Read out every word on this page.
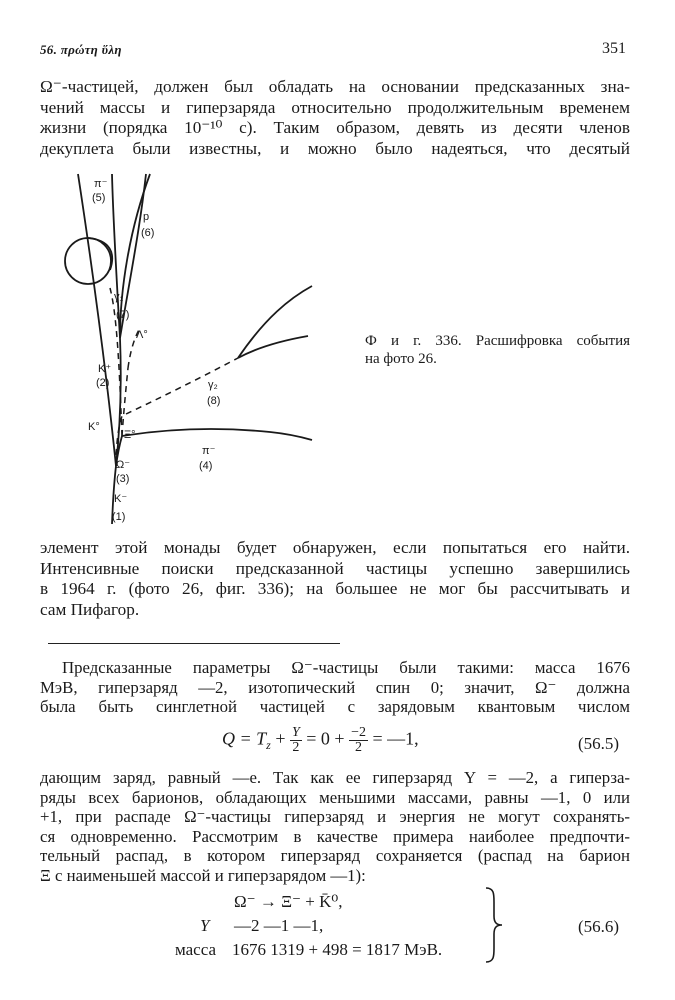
56. πρώτη ὕλη	351
Ω⁻-частицей, должен был обладать на основании предсказанных зна-
чений массы и гиперзаряда относительно продолжительным временем
жизни (порядка 10⁻¹⁰ с). Таким образом, девять из десяти членов
декуплета были известны, и можно было надеяться, что десятый
π⁻
(5)
p
(6)
γ₁
(7)
Λ°
K⁺
(2)	γ₂
(8)
K°
Ξ°
π⁻
(4)
Ω⁻
(3)
K⁻
(1)
Ф и г. 336. Расшифровка события
на фото 26.
элемент этой монады будет обнаружен, если попытаться его найти.
Интенсивные поиски предсказанной частицы успешно завершились
в 1964 г. (фото 26, фиг. 336); на большее не мог бы рассчитывать и
сам Пифагор.
Предсказанные параметры Ω⁻-частицы были такими: масса 1676
МэВ, гиперзаряд —2, изотопический спин 0; значит, Ω⁻ должна
была быть синглетной частицей с зарядовым квантовым числом
$Q = T_z + \frac{Y}{2} = 0 + \frac{-2}{2}$ = —1,	(56.5)
дающим заряд, равный —e. Так как ее гиперзаряд Y = —2, а гиперза-
ряды всех барионов, обладающих меньшими массами, равны —1, 0 или
+1, при распаде Ω⁻-частицы гиперзаряд и энергия не могут сохранять-
ся одновременно. Рассмотрим в качестве примера наиболее предпочти-
тельный распад, в котором гиперзаряд сохраняется (распад на барион
Ξ с наименьшей массой и гиперзарядом —1):
Ω⁻ → Ξ⁻ + K̄⁰,
Y —2 —1 —1,
масса 1676 1319 + 498 = 1817 МэВ.
(56.6)
